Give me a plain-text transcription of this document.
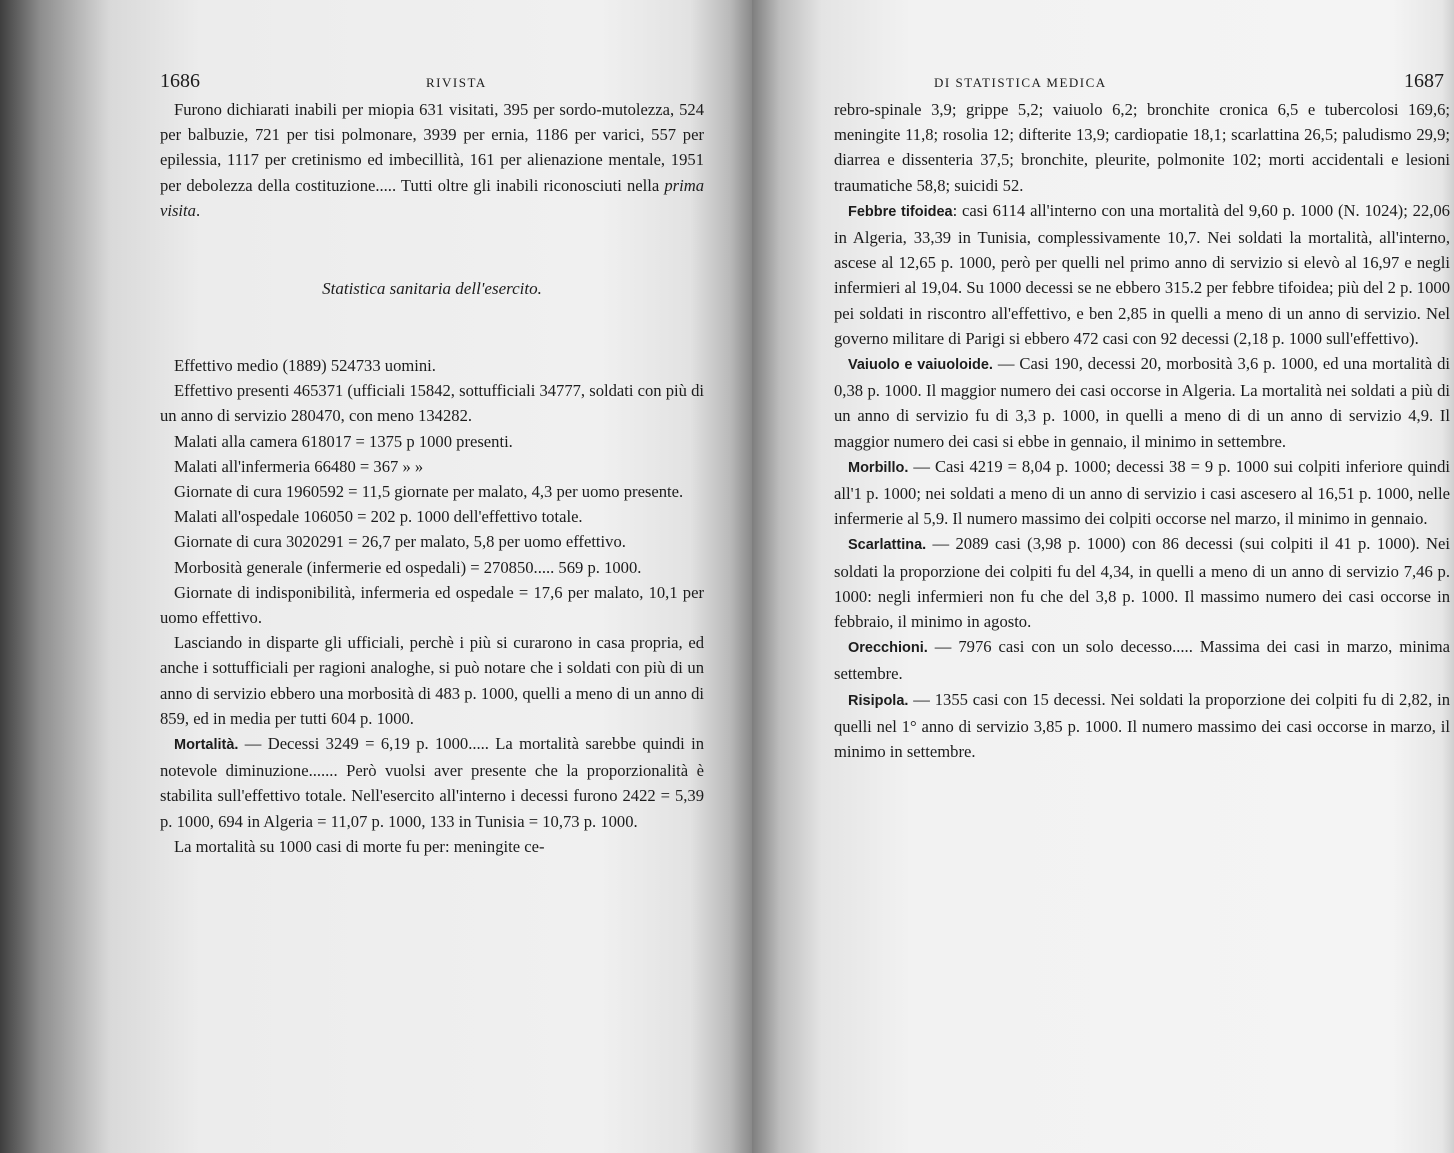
1686	RIVISTA

Furono dichiarati inabili per miopia 631 visitati, 395 per sordo-mutolezza, 524 per balbuzie, 721 per tisi polmonare, 3939 per ernia, 1186 per varici, 557 per epilessia, 1117 per cretinismo ed imbecillità, 161 per alienazione mentale, 1951 per debolezza della costituzione..... Tutti oltre gli inabili riconosciuti nella prima visita.

Statistica sanitaria dell'esercito.

Effettivo medio (1889) 524733 uomini.

Effettivo presenti 465371 (ufficiali 15842, sottufficiali 34777, soldati con più di un anno di servizio 280470, con meno 134282.

Malati alla camera 618017 = 1375 p 1000 presenti.

Malati all'infermeria 66480 = 367 » »

Giornate di cura 1960592 = 11,5 giornate per malato, 4,3 per uomo presente.

Malati all'ospedale 106050 = 202 p. 1000 dell'effettivo totale.

Giornate di cura 3020291 = 26,7 per malato, 5,8 per uomo effettivo.

Morbosità generale (infermerie ed ospedali) = 270850..... 569 p. 1000.

Giornate di indisponibilità, infermeria ed ospedale = 17,6 per malato, 10,1 per uomo effettivo.

Lasciando in disparte gli ufficiali, perchè i più si curarono in casa propria, ed anche i sottufficiali per ragioni analoghe, si può notare che i soldati con più di un anno di servizio ebbero una morbosità di 483 p. 1000, quelli a meno di un anno di 859, ed in media per tutti 604 p. 1000.

Mortalità. — Decessi 3249 = 6,19 p. 1000..... La mortalità sarebbe quindi in notevole diminuzione....... Però vuolsi aver presente che la proporzionalità è stabilita sull'effettivo totale. Nell'esercito all'interno i decessi furono 2422 = 5,39 p. 1000, 694 in Algeria = 11,07 p. 1000, 133 in Tunisia = 10,73 p. 1000.

La mortalità su 1000 casi di morte fu per: meningite ce-

DI STATISTICA MEDICA	1687

rebro-spinale 3,9; grippe 5,2; vaiuolo 6,2; bronchite cronica 6,5 e tubercolosi 169,6; meningite 11,8; rosolia 12; difterite 13,9; cardiopatie 18,1; scarlattina 26,5; paludismo 29,9; diarrea e dissenteria 37,5; bronchite, pleurite, polmonite 102; morti accidentali e lesioni traumatiche 58,8; suicidi 52.

Febbre tifoidea: casi 6114 all'interno con una mortalità del 9,60 p. 1000 (N. 1024); 22,06 in Algeria, 33,39 in Tunisia, complessivamente 10,7. Nei soldati la mortalità, all'interno, ascese al 12,65 p. 1000, però per quelli nel primo anno di servizio si elevò al 16,97 e negli infermieri al 19,04. Su 1000 decessi se ne ebbero 315.2 per febbre tifoidea; più del 2 p. 1000 pei soldati in riscontro all'effettivo, e ben 2,85 in quelli a meno di un anno di servizio. Nel governo militare di Parigi si ebbero 472 casi con 92 decessi (2,18 p. 1000 sull'effettivo).

Vaiuolo e vaiuoloide. — Casi 190, decessi 20, morbosità 3,6 p. 1000, ed una mortalità di 0,38 p. 1000. Il maggior numero dei casi occorse in Algeria. La mortalità nei soldati a più di un anno di servizio fu di 3,3 p. 1000, in quelli a meno di di un anno di servizio 4,9. Il maggior numero dei casi si ebbe in gennaio, il minimo in settembre.

Morbillo. — Casi 4219 = 8,04 p. 1000; decessi 38 = 9 p. 1000 sui colpiti inferiore quindi all'1 p. 1000; nei soldati a meno di un anno di servizio i casi ascesero al 16,51 p. 1000, nelle infermerie al 5,9. Il numero massimo dei colpiti occorse nel marzo, il minimo in gennaio.

Scarlattina. — 2089 casi (3,98 p. 1000) con 86 decessi (sui colpiti il 41 p. 1000). Nei soldati la proporzione dei colpiti fu del 4,34, in quelli a meno di un anno di servizio 7,46 p. 1000: negli infermieri non fu che del 3,8 p. 1000. Il massimo numero dei casi occorse in febbraio, il minimo in agosto.

Orecchioni. — 7976 casi con un solo decesso..... Massima dei casi in marzo, minima settembre.

Risipola. — 1355 casi con 15 decessi. Nei soldati la proporzione dei colpiti fu di 2,82, in quelli nel 1° anno di servizio 3,85 p. 1000. Il numero massimo dei casi occorse in marzo, il minimo in settembre.
